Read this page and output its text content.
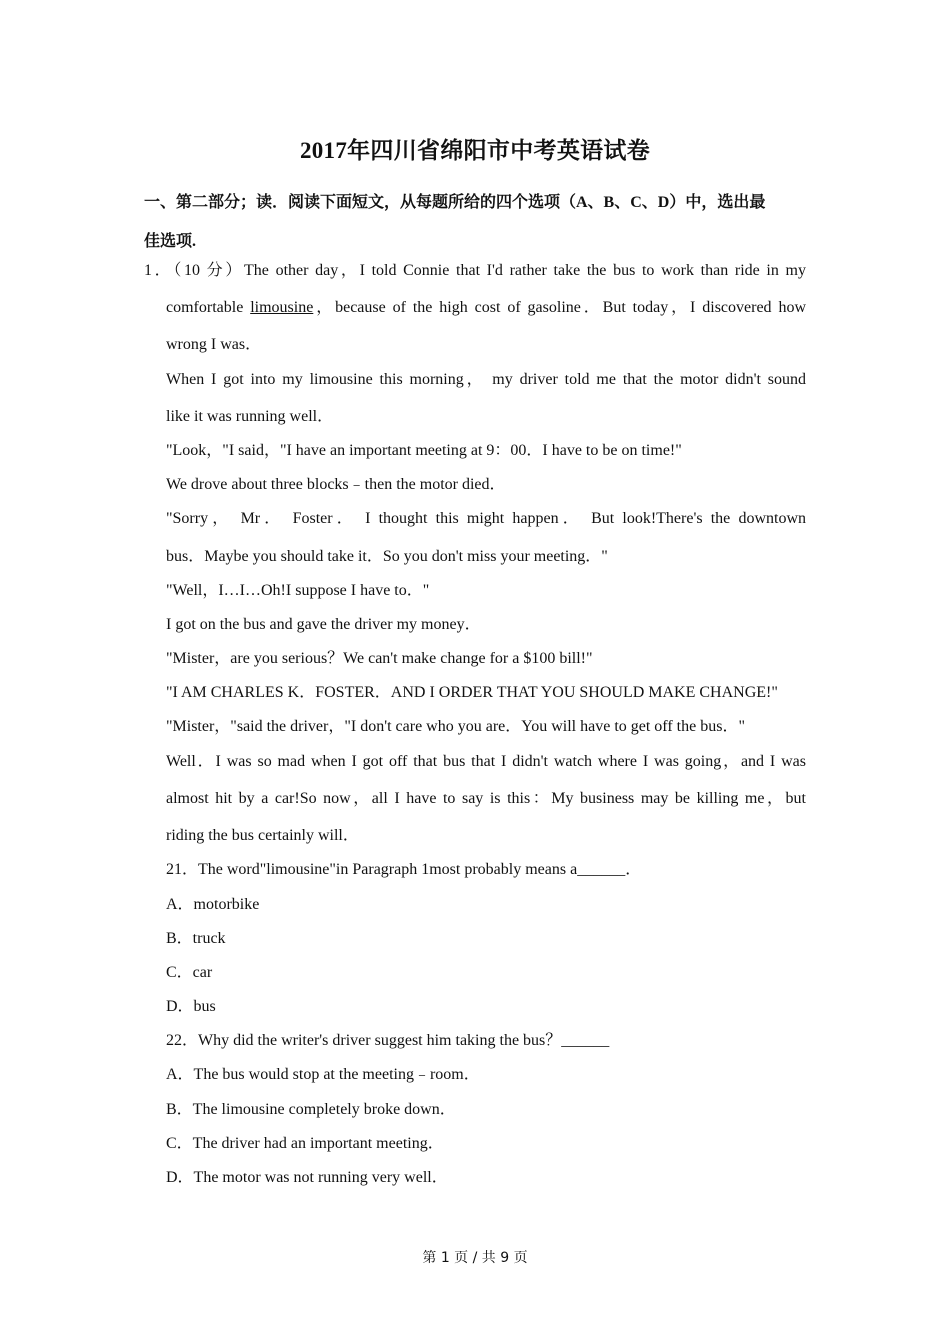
2017年四川省绵阳市中考英语试卷
一、第二部分；读．阅读下面短文，从每题所给的四个选项（A、B、C、D）中，选出最
佳选项.
1．（10 分）The other day，I told Connie that I'd rather take the bus to work than ride in my
comfortable limousine，because of the high cost of gasoline．But today，I discovered how
wrong I was．
When I got into my limousine this morning， my driver told me that the motor didn't sound
like it was running well．
"Look，"I said，"I have an important meeting at 9：00．I have to be on time!"
We drove about three blocks﹣then the motor died．
"Sorry， Mr． Foster． I thought this might happen． But look!There's the downtown
bus．Maybe you should take it．So you don't miss your meeting．"
"Well，I…I…Oh!I suppose I have to．"
I got on the bus and gave the driver my money．
"Mister，are you serious？We can't make change for a $100 bill!"
"I AM CHARLES K．FOSTER．AND I ORDER THAT YOU SHOULD MAKE CHANGE!"
"Mister，"said the driver，"I don't care who you are．You will have to get off the bus．"
Well．I was so mad when I got off that bus that I didn't watch where I was going，and I was
almost hit by a car!So now，all I have to say is this：My business may be killing me，but
riding the bus certainly will．
21．The word"limousine"in Paragraph 1most probably means a______．
A．motorbike
B．truck
C．car
D．bus
22．Why did the writer's driver suggest him taking the bus？______
A．The bus would stop at the meeting﹣room．
B．The limousine completely broke down．
C．The driver had an important meeting．
D．The motor was not running very well．
第 1 页 / 共 9 页
